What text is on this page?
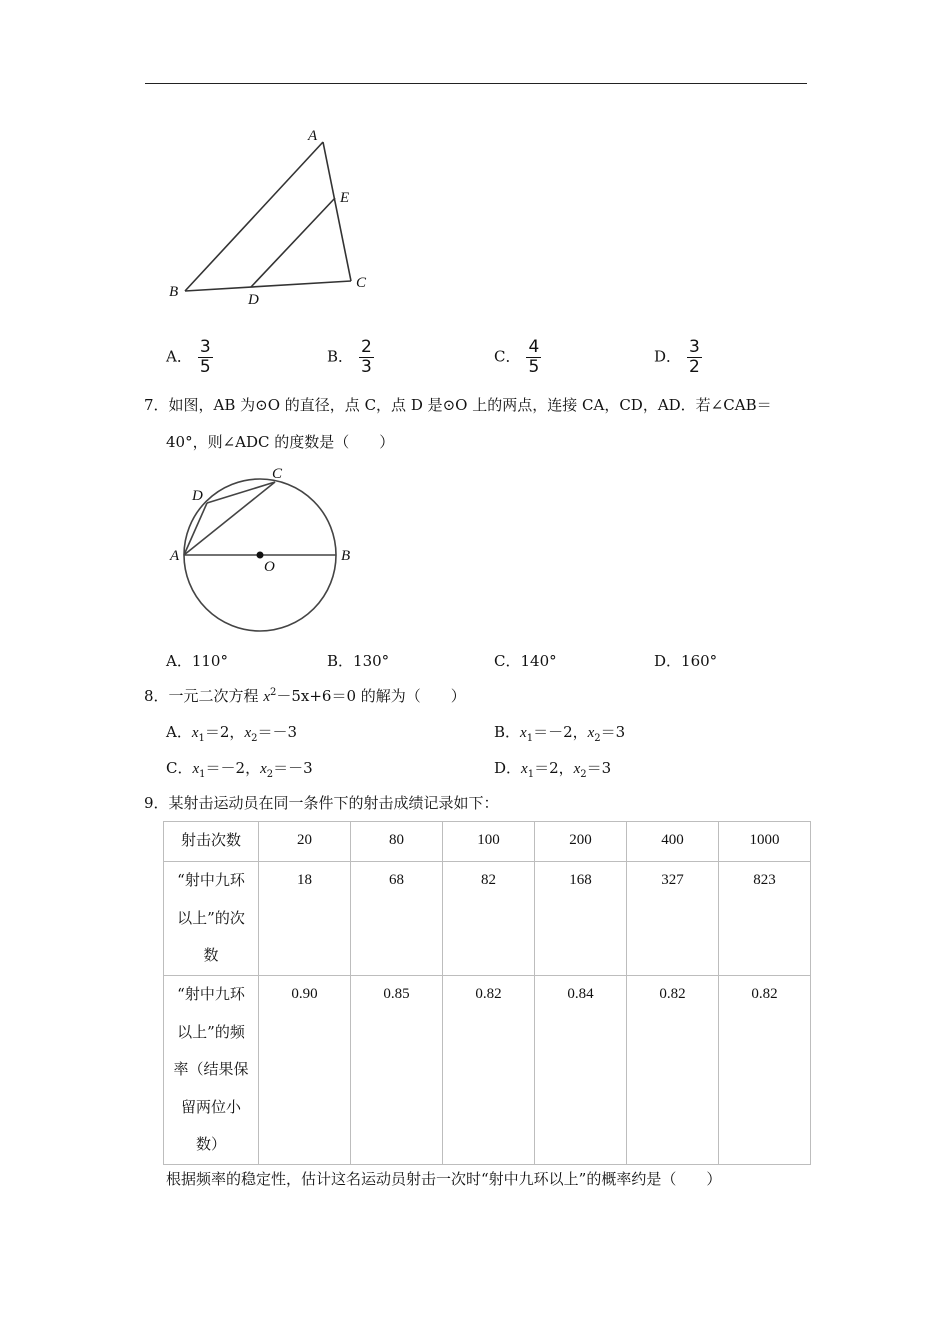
A
B
C
D
E
A． $\frac{3}{5}$	B． $\frac{2}{3}$	C． $\frac{4}{5}$	D． $\frac{3}{2}$
7．如图，AB 为⊙O 的直径，点 C，点 D 是⊙O 上的两点，连接 CA，CD，AD．若∠CAB＝
40°，则∠ADC 的度数是（　　）
A	B
C
D
O
A．110°	B．130°	C．140°	D．160°
8．一元二次方程 $x^2-5x+6=0$ 的解为（　　）
A．$x_1=2$，$x_2=-3$	B．$x_1=-2$，$x_2=3$
C．$x_1=-2$，$x_2=-3$	D．$x_1=2$，$x_2=3$
9．某射击运动员在同一条件下的射击成绩记录如下：
射击次数	20	80	100	200	400	1000

“射中九环
以上”的次
数	18	68	82	168	327	823

“射中九环
以上”的频
率（结果保
留两位小
数）	0.90	0.85	0.82	0.84	0.82	0.82
根据频率的稳定性，估计这名运动员射击一次时“射中九环以上”的概率约是（　　）
